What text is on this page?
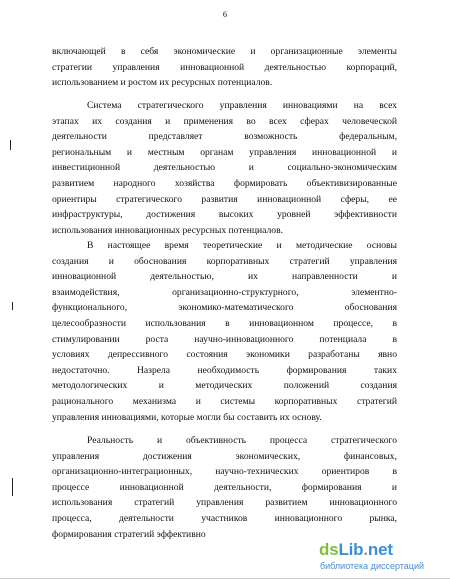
6
включающей в себя экономические и организационные элементы
стратегии управления инновационной деятельностью корпораций,
использованием и ростом их ресурсных потенциалов.
Система стратегического управления инновациями на всех
этапах их создания и применения во всех сферах человеческой
деятельности представляет возможность федеральным,
региональным и местным органам управления инновационной и
инвестиционной деятельностью и социально-экономическим
развитием народного хозяйства формировать объективизированные
ориентиры стратегического развития инновационной сферы, ее
инфраструктуры, достижения высоких уровней эффективности
использования инновационных ресурсных потенциалов.
В настоящее время теоретические и методические основы
создания и обоснования корпоративных стратегий управления
инновационной деятельностью, их направленности и
взаимодействия, организационно-структурного, элементно-
функционального, экономико-математического обоснования
целесообразности использования в инновационном процессе, в
стимулировании роста научно-инновационного потенциала в
условиях депрессивного состояния экономики разработаны явно
недостаточно. Назрела необходимость формирования таких
методологических и методических положений создания
рационального механизма и системы корпоративных стратегий
управления инновациями, которые могли бы составить их основу.
Реальность и объективность процесса стратегического
управления достижения экономических, финансовых,
организационно-интеграционных, научно-технических ориентиров в
процессе инновационной деятельности, формирования и
использования стратегий управления развитием инновационного
процесса, деятельности участников инновационного рынка,
формирования стратегий эффективно
dsLib.net
библиотека диссертаций
